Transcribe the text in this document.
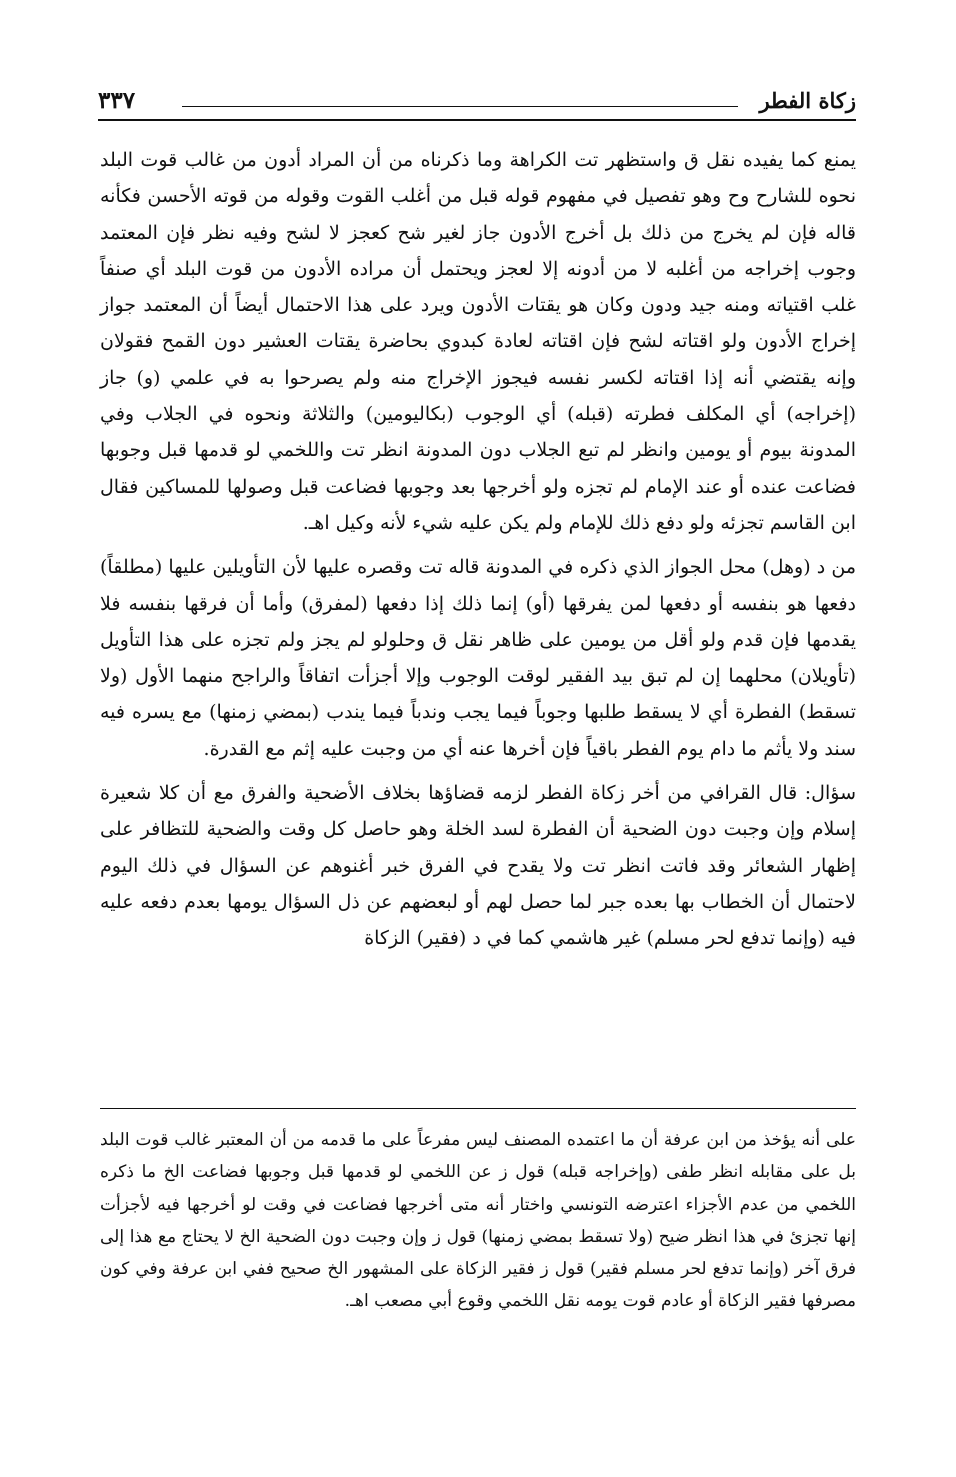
زكاة الفطر
٣٣٧

يمنع كما يفيده نقل ق واستظهر تت الكراهة وما ذكرناه من أن المراد أدون من غالب قوت البلد نحوه للشارح وح وهو تفصيل في مفهوم قوله قبل من أغلب القوت وقوله من قوته الأحسن فكأنه قاله فإن لم يخرج من ذلك بل أخرج الأدون جاز لغير شح كعجز لا لشح وفيه نظر فإن المعتمد وجوب إخراجه من أغلبه لا من أدونه إلا لعجز ويحتمل أن مراده الأدون من قوت البلد أي صنفاً غلب اقتياته ومنه جيد ودون وكان هو يقتات الأدون ويرد على هذا الاحتمال أيضاً أن المعتمد جواز إخراج الأدون ولو اقتاته لشح فإن اقتاته لعادة كبدوي بحاضرة يقتات العشير دون القمح فقولان وإنه يقتضي أنه إذا اقتاته لكسر نفسه فيجوز الإخراج منه ولم يصرحوا به في علمي (و) جاز (إخراجه) أي المكلف فطرته (قبله) أي الوجوب (بكاليومين) والثلاثة ونحوه في الجلاب وفي المدونة بيوم أو يومين وانظر لم تبع الجلاب دون المدونة انظر تت واللخمي لو قدمها قبل وجوبها فضاعت عنده أو عند الإمام لم تجزه ولو أخرجها بعد وجوبها فضاعت قبل وصولها للمساكين فقال ابن القاسم تجزئه ولو دفع ذلك للإمام ولم يكن عليه شيء لأنه وكيل اهـ.

من د (وهل) محل الجواز الذي ذكره في المدونة قاله تت وقصره عليها لأن التأويلين عليها (مطلقاً) دفعها هو بنفسه أو دفعها لمن يفرقها (أو) إنما ذلك إذا دفعها (لمفرق) وأما أن فرقها بنفسه فلا يقدمها فإن قدم ولو أقل من يومين على ظاهر نقل ق وحلولو لم يجز ولم تجزه على هذا التأويل (تأويلان) محلهما إن لم تبق بيد الفقير لوقت الوجوب وإلا أجزأت اتفاقاً والراجح منهما الأول (ولا تسقط) الفطرة أي لا يسقط طلبها وجوباً فيما يجب وندباً فيما يندب (بمضي زمنها) مع يسره فيه سند ولا يأثم ما دام يوم الفطر باقياً فإن أخرها عنه أي من وجبت عليه إثم مع القدرة.

سؤال: قال القرافي من أخر زكاة الفطر لزمه قضاؤها بخلاف الأضحية والفرق مع أن كلا شعيرة إسلام وإن وجبت دون الضحية أن الفطرة لسد الخلة وهو حاصل كل وقت والضحية للتظافر على إظهار الشعائر وقد فاتت انظر تت ولا يقدح في الفرق خبر أغنوهم عن السؤال في ذلك اليوم لاحتمال أن الخطاب بها بعده جبر لما حصل لهم أو لبعضهم عن ذل السؤال يومها بعدم دفعه عليه فيه (وإنما تدفع لحر مسلم) غير هاشمي كما في د (فقير) الزكاة

على أنه يؤخذ من ابن عرفة أن ما اعتمده المصنف ليس مفرعاً على ما قدمه من أن المعتبر غالب قوت البلد بل على مقابله انظر طفى (وإخراجه قبله) قول ز عن اللخمي لو قدمها قبل وجوبها فضاعت الخ ما ذكره اللخمي من عدم الأجزاء اعترضه التونسي واختار أنه متى أخرجها فضاعت في وقت لو أخرجها فيه لأجزأت إنها تجزئ في هذا انظر ضيح (ولا تسقط بمضي زمنها) قول ز وإن وجبت دون الضحية الخ لا يحتاج مع هذا إلى فرق آخر (وإنما تدفع لحر مسلم فقير) قول ز فقير الزكاة على المشهور الخ صحيح ففي ابن عرفة وفي كون مصرفها فقير الزكاة أو عادم قوت يومه نقل اللخمي وقوع أبي مصعب اهـ.
